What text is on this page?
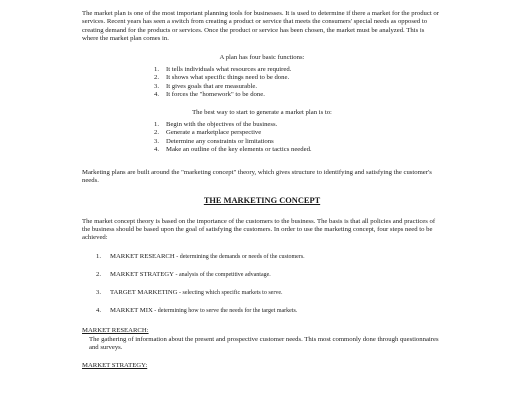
The market plan is one of the most important planning tools for businesses. It is used to determine if there a market for the product or services. Recent years has seen a switch from creating a product or service that meets the consumers' special needs as opposed to creating demand for the products or services. Once the product or service has been chosen, the market must be analyzed. This is where the market plan comes in.

A plan has four basic functions:

1.	It tells individuals what resources are required.
2.	It shows what specific things need to be done.
3.	It gives goals that are measurable.
4.	It forces the "homework" to be done.

The best way to start to generate a market plan is to:

1.	Begin with the objectives of the business.
2.	Generate a marketplace perspective
3.	Determine any constraints or limitations
4.	Make an outline of the key elements or tactics needed.

Marketing plans are built around the "marketing concept" theory, which gives structure to identifying and satisfying the customer's needs.

THE MARKETING CONCEPT

The market concept theory is based on the importance of the customers to the business. The basis is that all policies and practices of the business should be based upon the goal of satisfying the customers. In order to use the marketing concept, four steps need to be achieved:

1.	MARKET RESEARCH - determining the demands or needs of the customers.
2.	MARKET STRATEGY - analysis of the competitive advantage.
3.	TARGET MARKETING - selecting which specific markets to serve.
4.	MARKET MIX - determining how to serve the needs for the target markets.

MARKET RESEARCH:

The gathering of information about the present and prospective customer needs. This most commonly done through questionnaires and surveys.

MARKET STRATEGY:
